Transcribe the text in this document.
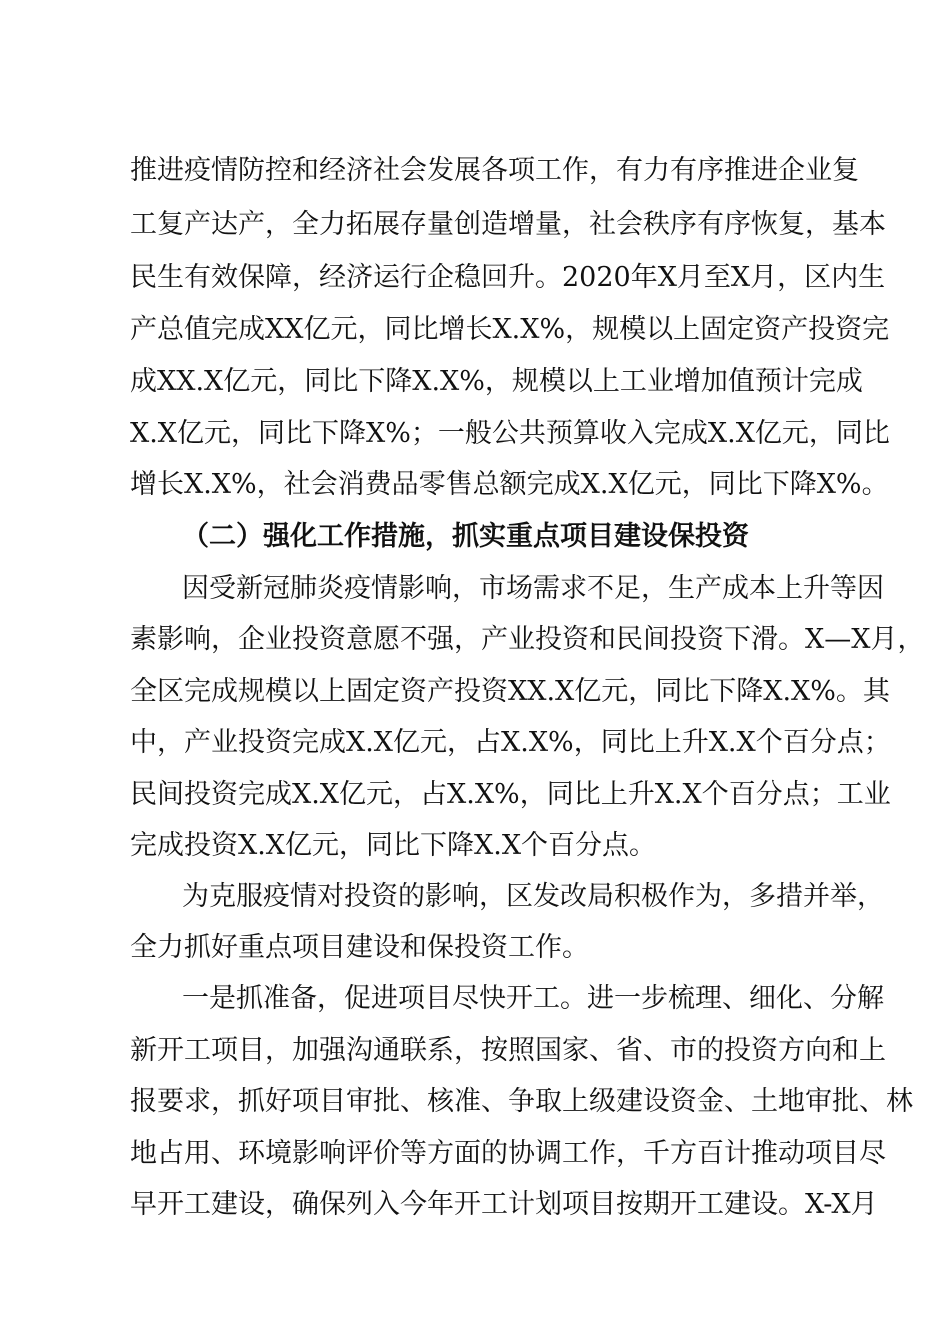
推进疫情防控和经济社会发展各项工作，有力有序推进企业复
工复产达产，全力拓展存量创造增量，社会秩序有序恢复，基本
民生有效保障，经济运行企稳回升。2020年X月至X月，区内生
产总值完成XX亿元，同比增长X.X%，规模以上固定资产投资完
成XX.X亿元，同比下降X.X%，规模以上工业增加值预计完成
X.X亿元，同比下降X%；一般公共预算收入完成X.X亿元，同比
增长X.X%，社会消费品零售总额完成X.X亿元，同比下降X%。
（二）强化工作措施，抓实重点项目建设保投资
因受新冠肺炎疫情影响，市场需求不足，生产成本上升等因
素影响，企业投资意愿不强，产业投资和民间投资下滑。X—X月，
全区完成规模以上固定资产投资XX.X亿元，同比下降X.X%。其
中，产业投资完成X.X亿元，占X.X%，同比上升X.X个百分点；
民间投资完成X.X亿元，占X.X%，同比上升X.X个百分点；工业
完成投资X.X亿元，同比下降X.X个百分点。
为克服疫情对投资的影响，区发改局积极作为，多措并举，
全力抓好重点项目建设和保投资工作。
一是抓准备，促进项目尽快开工。进一步梳理、细化、分解
新开工项目，加强沟通联系，按照国家、省、市的投资方向和上
报要求，抓好项目审批、核准、争取上级建设资金、土地审批、林
地占用、环境影响评价等方面的协调工作，千方百计推动项目尽
早开工建设，确保列入今年开工计划项目按期开工建设。X-X月
